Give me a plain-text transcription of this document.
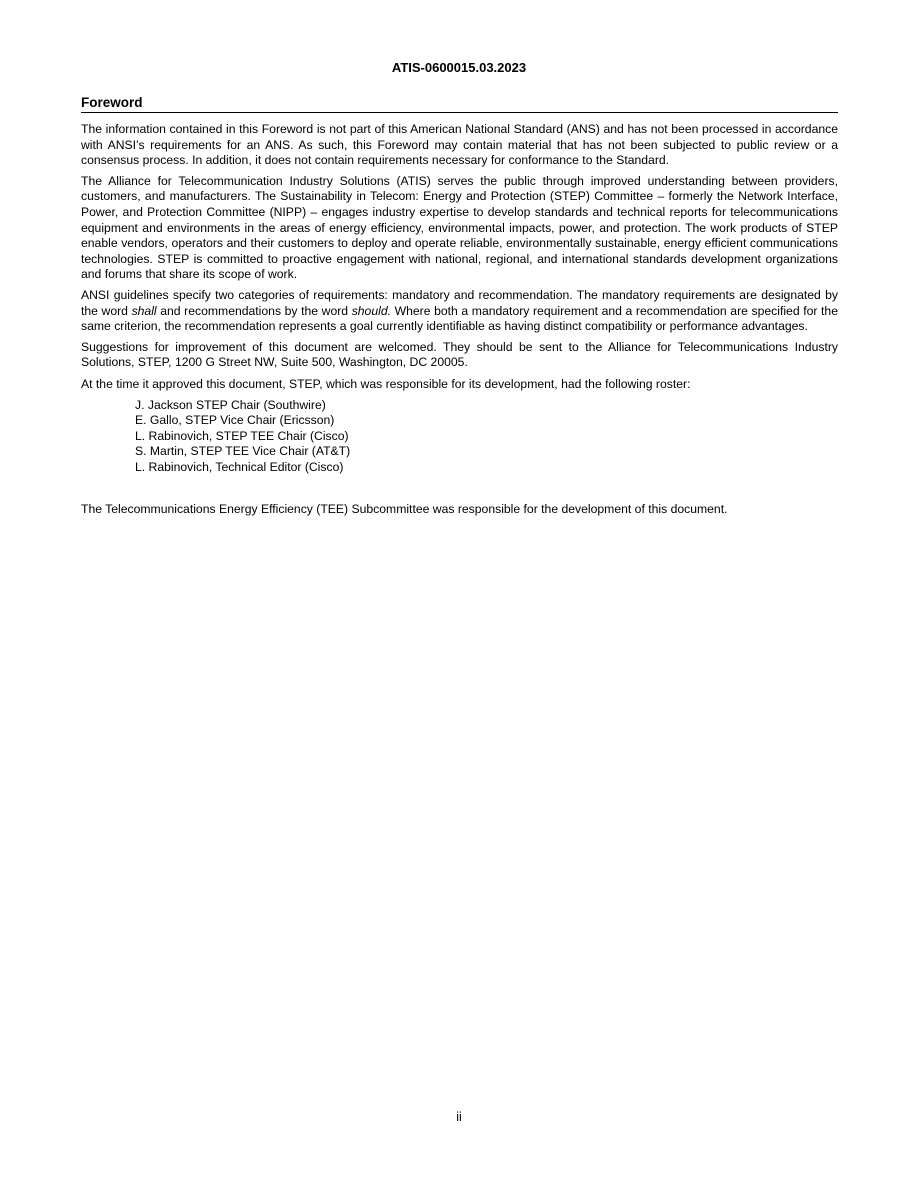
ATIS-0600015.03.2023
Foreword

The information contained in this Foreword is not part of this American National Standard (ANS) and has not been processed in accordance with ANSI’s requirements for an ANS. As such, this Foreword may contain material that has not been subjected to public review or a consensus process. In addition, it does not contain requirements necessary for conformance to the Standard.

The Alliance for Telecommunication Industry Solutions (ATIS) serves the public through improved understanding between providers, customers, and manufacturers. The Sustainability in Telecom: Energy and Protection (STEP) Committee – formerly the Network Interface, Power, and Protection Committee (NIPP) – engages industry expertise to develop standards and technical reports for telecommunications equipment and environments in the areas of energy efficiency, environmental impacts, power, and protection. The work products of STEP enable vendors, operators and their customers to deploy and operate reliable, environmentally sustainable, energy efficient communications technologies. STEP is committed to proactive engagement with national, regional, and international standards development organizations and forums that share its scope of work.

ANSI guidelines specify two categories of requirements: mandatory and recommendation. The mandatory requirements are designated by the word shall and recommendations by the word should. Where both a mandatory requirement and a recommendation are specified for the same criterion, the recommendation represents a goal currently identifiable as having distinct compatibility or performance advantages.

Suggestions for improvement of this document are welcomed. They should be sent to the Alliance for Telecommunications Industry Solutions, STEP, 1200 G Street NW, Suite 500, Washington, DC 20005.

At the time it approved this document, STEP, which was responsible for its development, had the following roster:

J. Jackson STEP Chair (Southwire)
E. Gallo, STEP Vice Chair (Ericsson)
L. Rabinovich, STEP TEE Chair (Cisco)
S. Martin, STEP TEE Vice Chair (AT&T)
L. Rabinovich, Technical Editor (Cisco)

The Telecommunications Energy Efficiency (TEE) Subcommittee was responsible for the development of this document.

ii
